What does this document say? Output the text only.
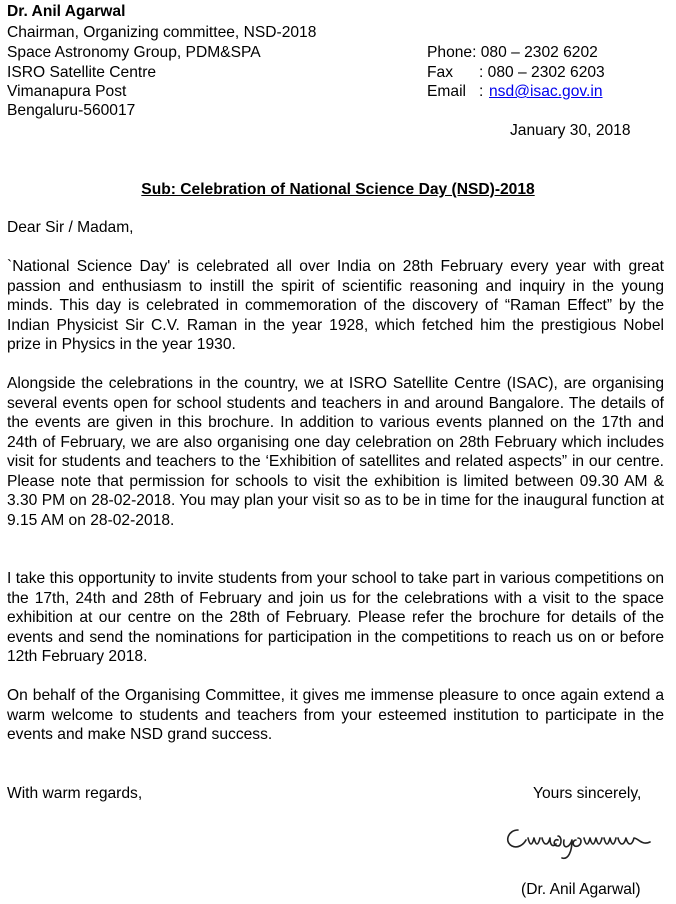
Dr. Anil Agarwal
Chairman, Organizing committee, NSD-2018
Space Astronomy Group, PDM&SPA
ISRO Satellite Centre
Vimanapura Post
Bengaluru-560017
Phone: 080 – 2302 6202
Fax : 080 – 2302 6203
Email : nsd@isac.gov.in
January 30, 2018
Sub: Celebration of National Science Day (NSD)-2018
Dear Sir / Madam,

`National Science Day' is celebrated all over India on 28th February every year with great passion and enthusiasm to instill the spirit of scientific reasoning and inquiry in the young minds. This day is celebrated in commemoration of the discovery of “Raman Effect” by the Indian Physicist Sir C.V. Raman in the year 1928, which fetched him the prestigious Nobel prize in Physics in the year 1930.

Alongside the celebrations in the country, we at ISRO Satellite Centre (ISAC), are organising several events open for school students and teachers in and around Bangalore. The details of the events are given in this brochure. In addition to various events planned on the 17th and 24th of February, we are also organising one day celebration on 28th February which includes visit for students and teachers to the ‘Exhibition of satellites and related aspects” in our centre. Please note that permission for schools to visit the exhibition is limited between 09.30 AM & 3.30 PM on 28-02-2018. You may plan your visit so as to be in time for the inaugural function at 9.15 AM on 28-02-2018.

I take this opportunity to invite students from your school to take part in various competitions on the 17th, 24th and 28th of February and join us for the celebrations with a visit to the space exhibition at our centre on the 28th of February. Please refer the brochure for details of the events and send the nominations for participation in the competitions to reach us on or before 12th February 2018.

On behalf of the Organising Committee, it gives me immense pleasure to once again extend a warm welcome to students and teachers from your esteemed institution to participate in the events and make NSD grand success.

With warm regards,	Yours sincerely,
(Dr. Anil Agarwal)
